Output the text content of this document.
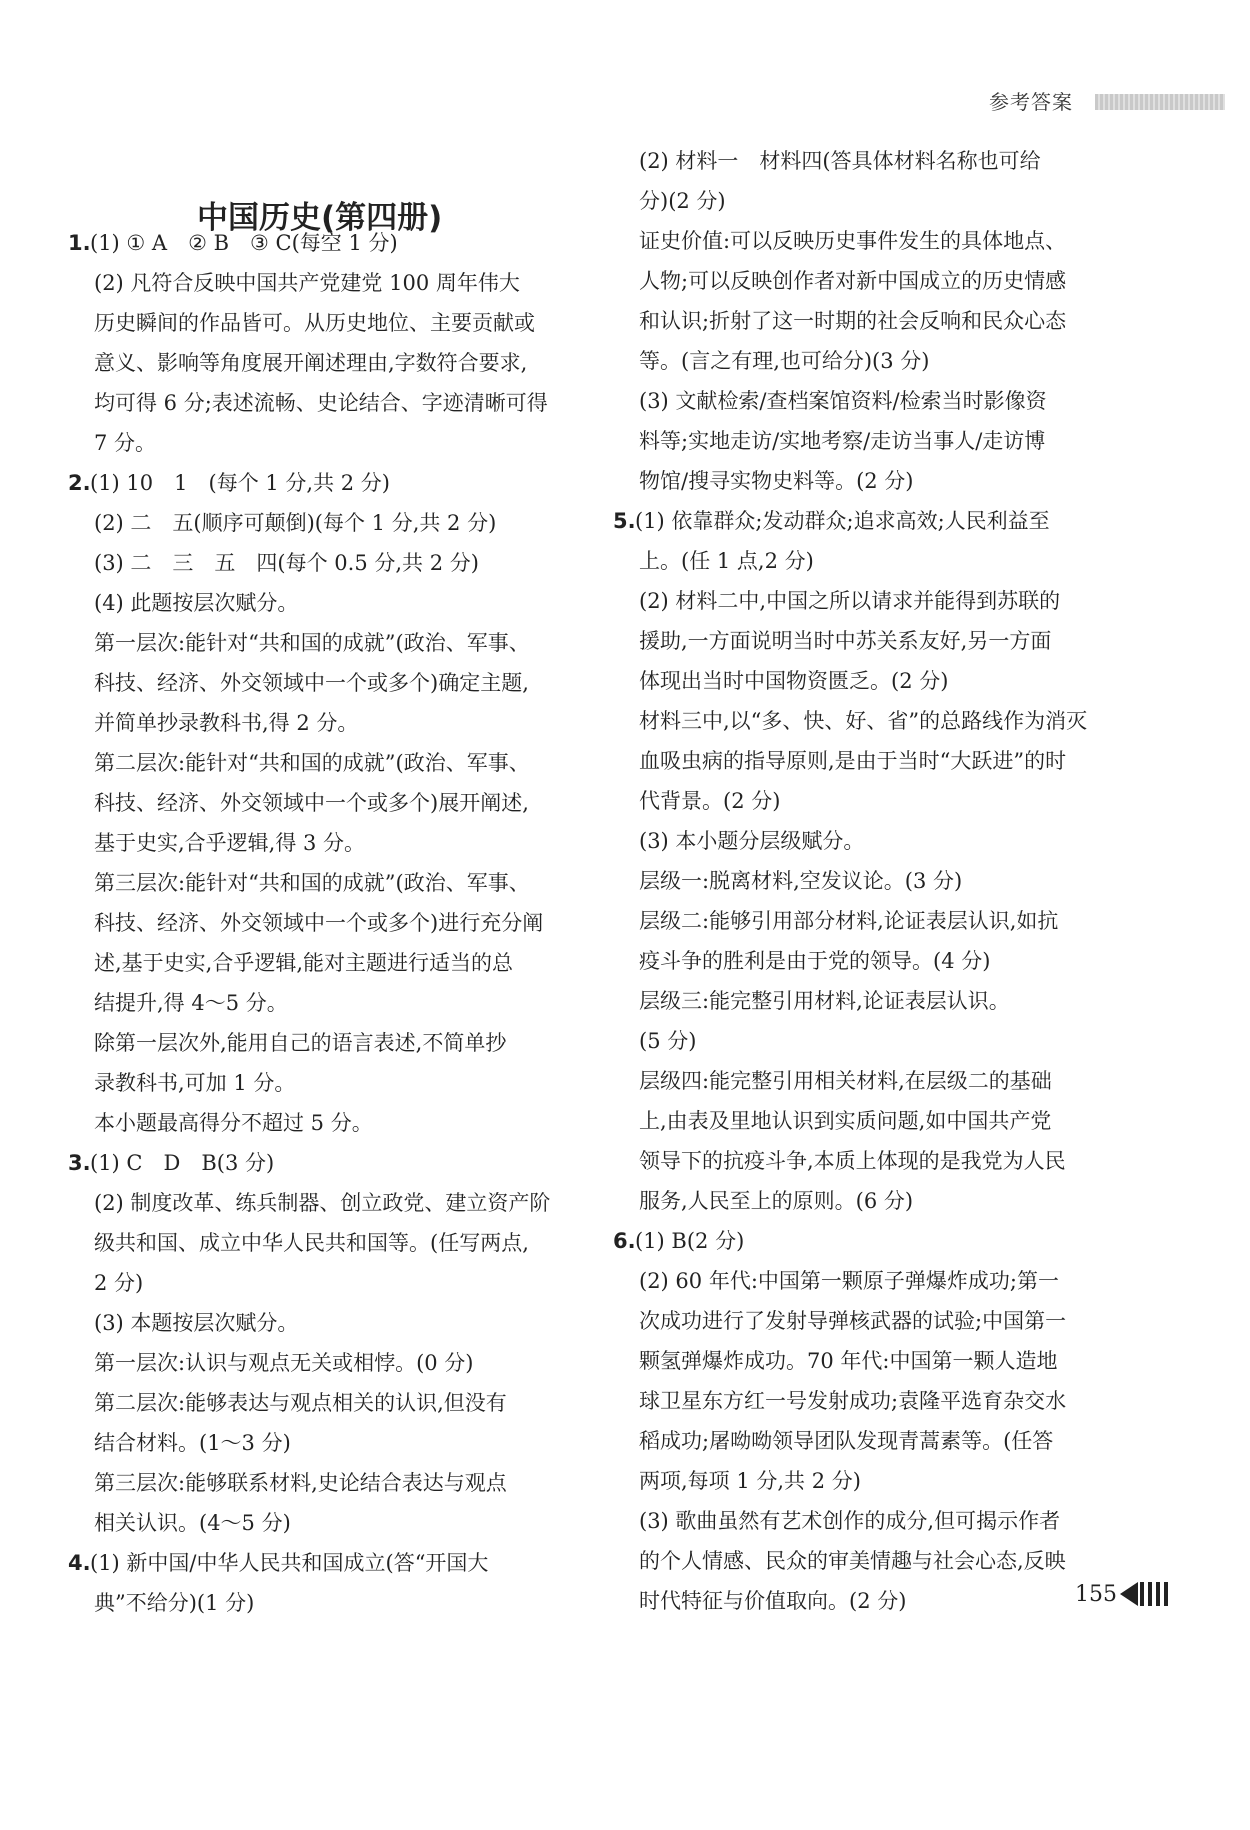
参考答案
中国历史(第四册)
1.(1) ① A　② B　③ C(每空 1 分)
(2) 凡符合反映中国共产党建党 100 周年伟大
历史瞬间的作品皆可。从历史地位、主要贡献或
意义、影响等角度展开阐述理由,字数符合要求,
均可得 6 分;表述流畅、史论结合、字迹清晰可得
7 分。
2.(1) 10　1　(每个 1 分,共 2 分)
(2) 二　五(顺序可颠倒)(每个 1 分,共 2 分)
(3) 二　三　五　四(每个 0.5 分,共 2 分)
(4) 此题按层次赋分。
第一层次:能针对“共和国的成就”(政治、军事、
科技、经济、外交领域中一个或多个)确定主题,
并简单抄录教科书,得 2 分。
第二层次:能针对“共和国的成就”(政治、军事、
科技、经济、外交领域中一个或多个)展开阐述,
基于史实,合乎逻辑,得 3 分。
第三层次:能针对“共和国的成就”(政治、军事、
科技、经济、外交领域中一个或多个)进行充分阐
述,基于史实,合乎逻辑,能对主题进行适当的总
结提升,得 4～5 分。
除第一层次外,能用自己的语言表述,不简单抄
录教科书,可加 1 分。
本小题最高得分不超过 5 分。
3.(1) C　D　B(3 分)
(2) 制度改革、练兵制器、创立政党、建立资产阶
级共和国、成立中华人民共和国等。(任写两点,
2 分)
(3) 本题按层次赋分。
第一层次:认识与观点无关或相悖。(0 分)
第二层次:能够表达与观点相关的认识,但没有
结合材料。(1～3 分)
第三层次:能够联系材料,史论结合表达与观点
相关认识。(4～5 分)
4.(1) 新中国/中华人民共和国成立(答“开国大
典”不给分)(1 分)
(2) 材料一　材料四(答具体材料名称也可给
分)(2 分)
证史价值:可以反映历史事件发生的具体地点、
人物;可以反映创作者对新中国成立的历史情感
和认识;折射了这一时期的社会反响和民众心态
等。(言之有理,也可给分)(3 分)
(3) 文献检索/查档案馆资料/检索当时影像资
料等;实地走访/实地考察/走访当事人/走访博
物馆/搜寻实物史料等。(2 分)
5.(1) 依靠群众;发动群众;追求高效;人民利益至
上。(任 1 点,2 分)
(2) 材料二中,中国之所以请求并能得到苏联的
援助,一方面说明当时中苏关系友好,另一方面
体现出当时中国物资匮乏。(2 分)
材料三中,以“多、快、好、省”的总路线作为消灭
血吸虫病的指导原则,是由于当时“大跃进”的时
代背景。(2 分)
(3) 本小题分层级赋分。
层级一:脱离材料,空发议论。(3 分)
层级二:能够引用部分材料,论证表层认识,如抗
疫斗争的胜利是由于党的领导。(4 分)
层级三:能完整引用材料,论证表层认识。
(5 分)
层级四:能完整引用相关材料,在层级二的基础
上,由表及里地认识到实质问题,如中国共产党
领导下的抗疫斗争,本质上体现的是我党为人民
服务,人民至上的原则。(6 分)
6.(1) B(2 分)
(2) 60 年代:中国第一颗原子弹爆炸成功;第一
次成功进行了发射导弹核武器的试验;中国第一
颗氢弹爆炸成功。70 年代:中国第一颗人造地
球卫星东方红一号发射成功;袁隆平选育杂交水
稻成功;屠呦呦领导团队发现青蒿素等。(任答
两项,每项 1 分,共 2 分)
(3) 歌曲虽然有艺术创作的成分,但可揭示作者
的个人情感、民众的审美情趣与社会心态,反映
时代特征与价值取向。(2 分)	155
